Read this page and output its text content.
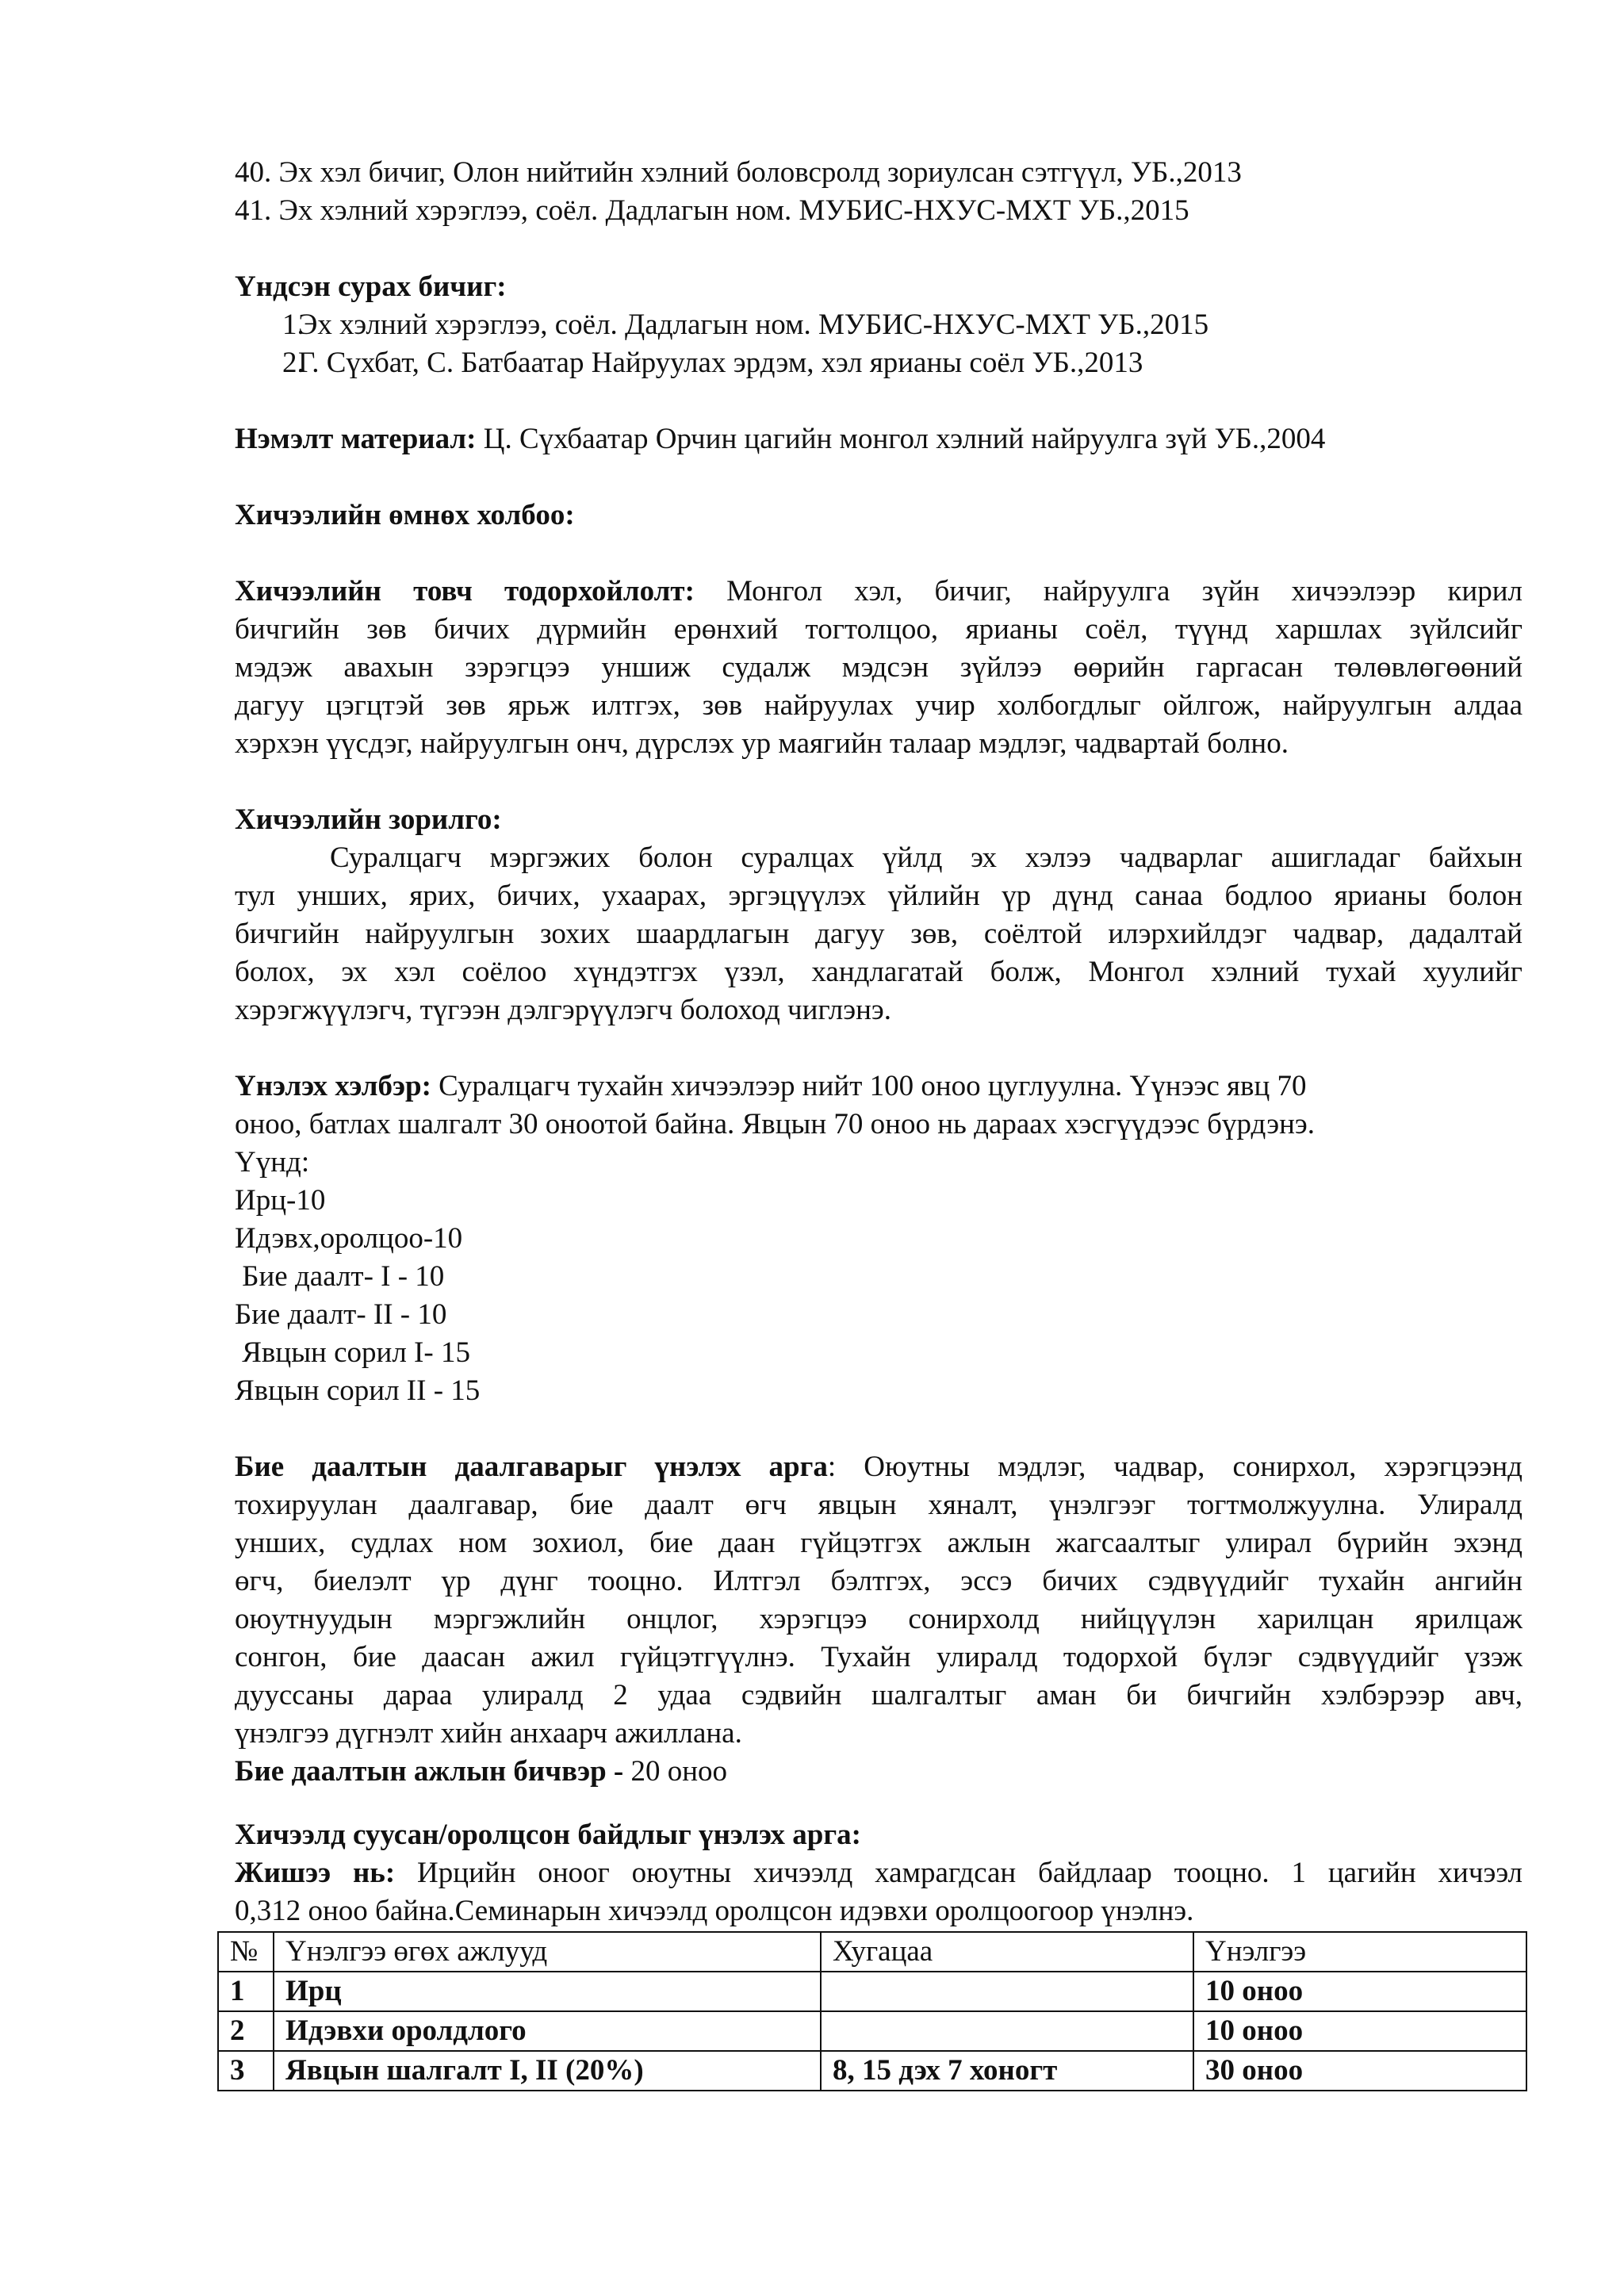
40. Эх хэл бичиг, Олон нийтийн хэлний боловсролд зориулсан сэтгүүл, УБ.,2013
41. Эх хэлний хэрэглээ, соёл. Дадлагын ном. МУБИС-НХУС-МХТ УБ.,2015
Үндсэн сурах бичиг:
1.
Эх хэлний хэрэглээ, соёл. Дадлагын ном. МУБИС-НХУС-МХТ УБ.,2015
2.
Г. Сүхбат, С. Батбаатар Найруулах эрдэм, хэл ярианы соёл УБ.,2013
Нэмэлт материал: Ц. Сүхбаатар Орчин цагийн монгол хэлний найруулга зүй УБ.,2004
Хичээлийн өмнөх холбоо:
Хичээлийн товч тодорхойлолт: Монгол хэл, бичиг, найруулга зүйн хичээлээр кирил
бичгийн зөв бичих дүрмийн ерөнхий тогтолцоо, ярианы соёл, түүнд харшлах зүйлсийг
мэдэж авахын зэрэгцээ уншиж судалж мэдсэн зүйлээ өөрийн гаргасан төлөвлөгөөний
дагуу цэгцтэй зөв ярьж илтгэх, зөв найруулах учир холбогдлыг ойлгож, найруулгын алдаа
хэрхэн үүсдэг, найруулгын онч, дүрслэх ур маягийн талаар мэдлэг, чадвартай болно.
Хичээлийн зорилго:
Суралцагч мэргэжих болон суралцах үйлд эх хэлээ чадварлаг ашигладаг байхын
тул унших, ярих, бичих, ухаарах, эргэцүүлэх үйлийн үр дүнд санаа бодлоо ярианы болон
бичгийн найруулгын зохих шаардлагын дагуу зөв, соёлтой илэрхийлдэг чадвар, дадалтай
болох, эх хэл соёлоо хүндэтгэх үзэл, хандлагатай болж, Монгол хэлний тухай хуулийг
хэрэгжүүлэгч, түгээн дэлгэрүүлэгч болоход чиглэнэ.
Үнэлэх хэлбэр: Суралцагч тухайн хичээлээр нийт 100 оноо цуглуулна. Үүнээс явц 70
оноо, батлах шалгалт 30 оноотой байна. Явцын 70 оноо нь дараах хэсгүүдээс бүрдэнэ.
Үүнд:
Ирц-10
Идэвх,оролцоо-10
Бие даалт- I - 10
Бие даалт- II - 10
Явцын сорил I- 15
Явцын сорил II - 15
Бие даалтын даалгаварыг үнэлэх арга: Оюутны мэдлэг, чадвар, сонирхол, хэрэгцээнд
тохируулан даалгавар, бие даалт өгч явцын хяналт, үнэлгээг тогтмолжуулна. Улиралд
унших, судлах ном зохиол, бие даан гүйцэтгэх ажлын жагсаалтыг улирал бүрийн эхэнд
өгч, биелэлт үр дүнг тооцно. Илтгэл бэлтгэх, эссэ бичих сэдвүүдийг тухайн ангийн
оюутнуудын мэргэжлийн онцлог, хэрэгцээ сонирхолд нийцүүлэн харилцан ярилцаж
сонгон, бие даасан ажил гүйцэтгүүлнэ. Тухайн улиралд тодорхой бүлэг сэдвүүдийг үзэж
дууссаны дараа улиралд 2 удаа сэдвийн шалгалтыг аман би бичгийн хэлбэрээр авч,
үнэлгээ дүгнэлт хийн анхаарч ажиллана.
Бие даалтын ажлын бичвэр - 20 оноо
Хичээлд суусан/оролцсон байдлыг үнэлэх арга:
Жишээ нь: Ирцийн оноог оюутны хичээлд хамрагдсан байдлаар тооцно. 1 цагийн хичээл
0,312 оноо байна.Семинарын хичээлд оролцсон идэвхи оролцоогоор үнэлнэ.
№	Үнэлгээ өгөх ажлууд	Хугацаа	Үнэлгээ
1	Ирц		10 оноо
2	Идэвхи оролдлого		10 оноо
3	Явцын шалгалт I, II (20%)	8, 15 дэх 7 хоногт	30 оноо
